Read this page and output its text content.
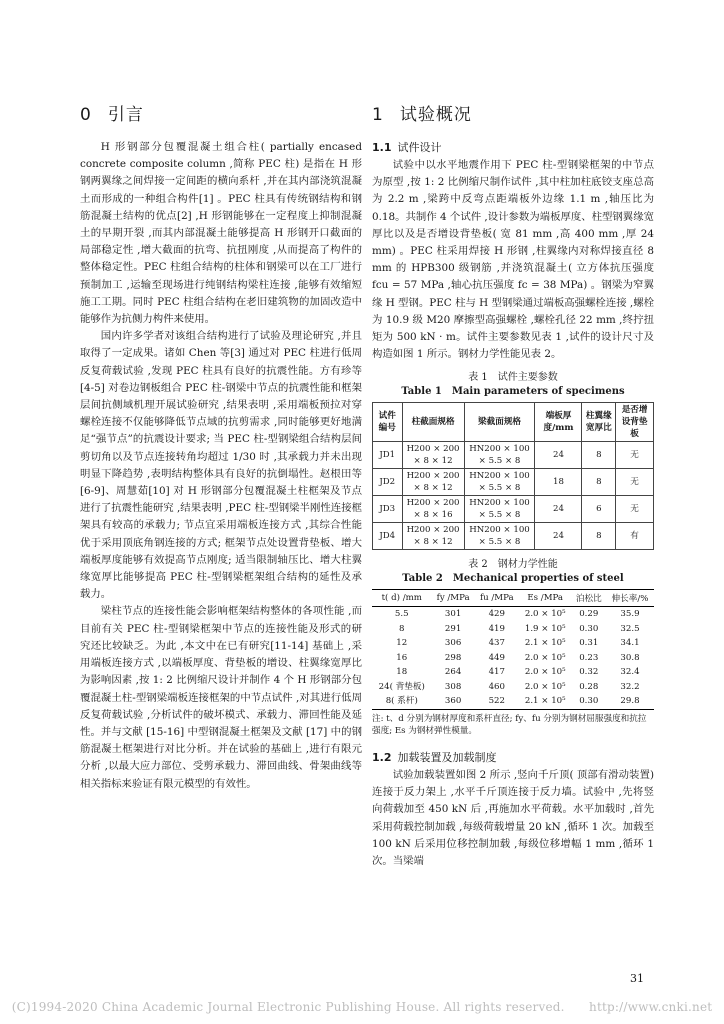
0 引言

H 形钢部分包覆混凝土组合柱( partially encased concrete composite column ,简称 PEC 柱) 是指在 H 形钢两翼缘之间焊接一定间距的横向系杆 ,并在其内部浇筑混凝土而形成的一种组合构件[1] 。PEC 柱具有传统钢结构和钢筋混凝土结构的优点[2] ,H 形钢能够在一定程度上抑制混凝土的早期开裂 ,而其内部混凝土能够提高 H 形钢开口截面的局部稳定性 ,增大截面的抗弯、抗扭刚度 ,从而提高了构件的整体稳定性。PEC 柱组合结构的柱体和钢梁可以在工厂进行预制加工 ,运输至现场进行纯钢结构梁柱连接 ,能够有效缩短施工工期。同时 PEC 柱组合结构在老旧建筑物的加固改造中能够作为抗侧力构件来使用。

国内许多学者对该组合结构进行了试验及理论研究 ,并且取得了一定成果。诸如 Chen 等[3] 通过对 PEC 柱进行低周反复荷载试验 ,发现 PEC 柱具有良好的抗震性能。方有珍等[4-5] 对卷边钢板组合 PEC 柱-钢梁中节点的抗震性能和框架层间抗侧域机理开展试验研究 ,结果表明 ,采用端板预拉对穿螺栓连接不仅能够降低节点域的抗剪需求 ,同时能够更好地满足“强节点”的抗震设计要求; 当 PEC 柱-型钢梁组合结构层间剪切角以及节点连接转角均超过 1/30 时 ,其承载力并未出现明显下降趋势 ,表明结构整体具有良好的抗倒塌性。赵根田等[6-9]、周慧茹[10] 对 H 形钢部分包覆混凝土柱框架及节点进行了抗震性能研究 ,结果表明 ,PEC 柱-型钢梁半刚性连接框架具有较高的承载力; 节点宜采用端板连接方式 ,其综合性能优于采用顶底角钢连接的方式; 框架节点处设置背垫板、增大端板厚度能够有效提高节点刚度; 适当限制轴压比、增大柱翼缘宽厚比能够提高 PEC 柱-型钢梁框架组合结构的延性及承载力。

梁柱节点的连接性能会影响框架结构整体的各项性能 ,而目前有关 PEC 柱-型钢梁框架中节点的连接性能及形式的研究还比较缺乏。为此 ,本文中在已有研究[11-14] 基础上 ,采用端板连接方式 ,以端板厚度、背垫板的增设、柱翼缘宽厚比为影响因素 ,按 1: 2 比例缩尺设计并制作 4 个 H 形钢部分包覆混凝土柱-型钢梁端板连接框架的中节点试件 ,对其进行低周反复荷载试验 ,分析试件的破坏模式、承载力、滞回性能及延性。并与文献 [15-16] 中型钢混凝土框架及文献 [17] 中的钢筋混凝土框架进行对比分析。并在试验的基础上 ,进行有限元分析 ,以最大应力部位、受剪承载力、滞回曲线、骨架曲线等相关指标来验证有限元模型的有效性。

1 试验概况
1.1 试件设计

试验中以水平地震作用下 PEC 柱-型钢梁框架的中节点为原型 ,按 1: 2 比例缩尺制作试件 ,其中柱加柱底铰支座总高为 2.2 m ,梁跨中反弯点距端板外边缘 1.1 m ,轴压比为 0.18。共制作 4 个试件 ,设计参数为端板厚度、柱型钢翼缘宽厚比以及是否增设背垫板( 宽 81 mm ,高 400 mm ,厚 24 mm) 。PEC 柱采用焊接 H 形钢 ,柱翼缘内对称焊接直径 8 mm 的 HPB300 级钢筋 ,并浇筑混凝土( 立方体抗压强度 fcu = 57 MPa ,轴心抗压强度 fc = 38 MPa) 。钢梁为窄翼缘 H 型钢。PEC 柱与 H 型钢梁通过端板高强螺栓连接 ,螺栓为 10.9 级 M20 摩擦型高强螺栓 ,螺栓孔径 22 mm ,终拧扭矩为 500 kN · m。试件主要参数见表 1 ,试件的设计尺寸及构造如图 1 所示。钢材力学性能见表 2。

表 1　试件主要参数
Table 1　Main parameters of specimens
试件编号	柱截面规格	梁截面规格	端板厚度/mm	柱翼缘宽厚比	是否增设背垫板
JD1	H200 × 200 × 8 × 12	HN200 × 100 × 5.5 × 8	24	8	无
JD2	H200 × 200 × 8 × 12	HN200 × 100 × 5.5 × 8	18	8	无
JD3	H200 × 200 × 8 × 16	HN200 × 100 × 5.5 × 8	24	6	无
JD4	H200 × 200 × 8 × 12	HN200 × 100 × 5.5 × 8	24	8	有
表 2　钢材力学性能
Table 2　Mechanical properties of steel
t( d) /mm	fy /MPa	fu /MPa	Es /MPa	泊松比	伸长率/%
5.5	301	429	2.0 × 10⁵	0.29	35.9
8	291	419	1.9 × 10⁵	0.30	32.5
12	306	437	2.1 × 10⁵	0.31	34.1
16	298	449	2.0 × 10⁵	0.23	30.8
18	264	417	2.0 × 10⁵	0.32	32.4
24( 背垫板)	308	460	2.0 × 10⁵	0.28	32.2
8( 系杆)	360	522	2.1 × 10⁵	0.30	29.8
注: t、d 分别为钢材厚度和系杆直径; fy、fu 分别为钢材屈服强度和抗拉强度; Es 为钢材弹性模量。
1.2 加载装置及加载制度

试验加载装置如图 2 所示 ,竖向千斤顶( 顶部有滑动装置) 连接于反力架上 ,水平千斤顶连接于反力墙。试验中 ,先将竖向荷载加至 450 kN 后 ,再施加水平荷载。水平加载时 ,首先采用荷载控制加载 ,每级荷载增量 20 kN ,循环 1 次。加载至 100 kN 后采用位移控制加载 ,每级位移增幅 1 mm ,循环 1 次。当梁端

31
(C)1994-2020 China Academic Journal Electronic Publishing House. All rights reserved.　　http://www.cnki.net
